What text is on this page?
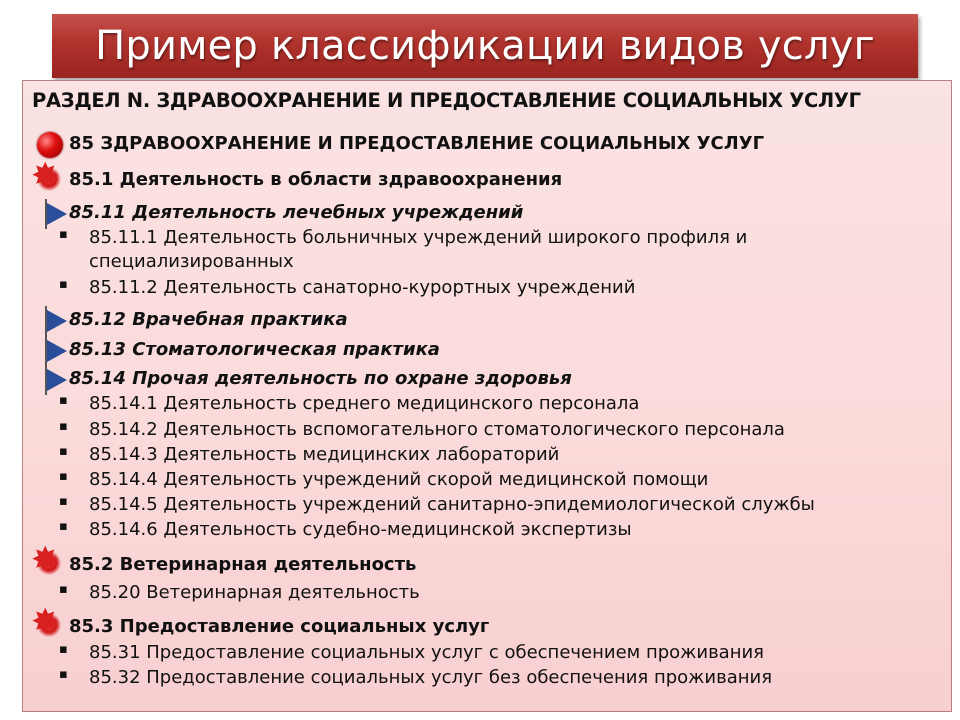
Пример классификации видов услуг
РАЗДЕЛ N. ЗДРАВООХРАНЕНИЕ И ПРЕДОСТАВЛЕНИЕ СОЦИАЛЬНЫХ УСЛУГ
85 ЗДРАВООХРАНЕНИЕ И ПРЕДОСТАВЛЕНИЕ СОЦИАЛЬНЫХ УСЛУГ
✸
85.1 Деятельность в области здравоохранения
85.11 Деятельность лечебных учреждений
▪ 85.11.1 Деятельность больничных учреждений широкого профиля и
специализированных
▪ 85.11.2 Деятельность санаторно-курортных учреждений
85.12 Врачебная практика
85.13 Стоматологическая практика
85.14 Прочая деятельность по охране здоровья
▪ 85.14.1 Деятельность среднего медицинского персонала
▪ 85.14.2 Деятельность вспомогательного стоматологического персонала
▪ 85.14.3 Деятельность медицинских лабораторий
▪ 85.14.4 Деятельность учреждений скорой медицинской помощи
▪ 85.14.5 Деятельность учреждений санитарно-эпидемиологической службы
▪ 85.14.6 Деятельность судебно-медицинской экспертизы
✸
85.2 Ветеринарная деятельность
▪ 85.20 Ветеринарная деятельность
✸
85.3 Предоставление социальных услуг
▪ 85.31 Предоставление социальных услуг с обеспечением проживания
▪ 85.32 Предоставление социальных услуг без обеспечения проживания
